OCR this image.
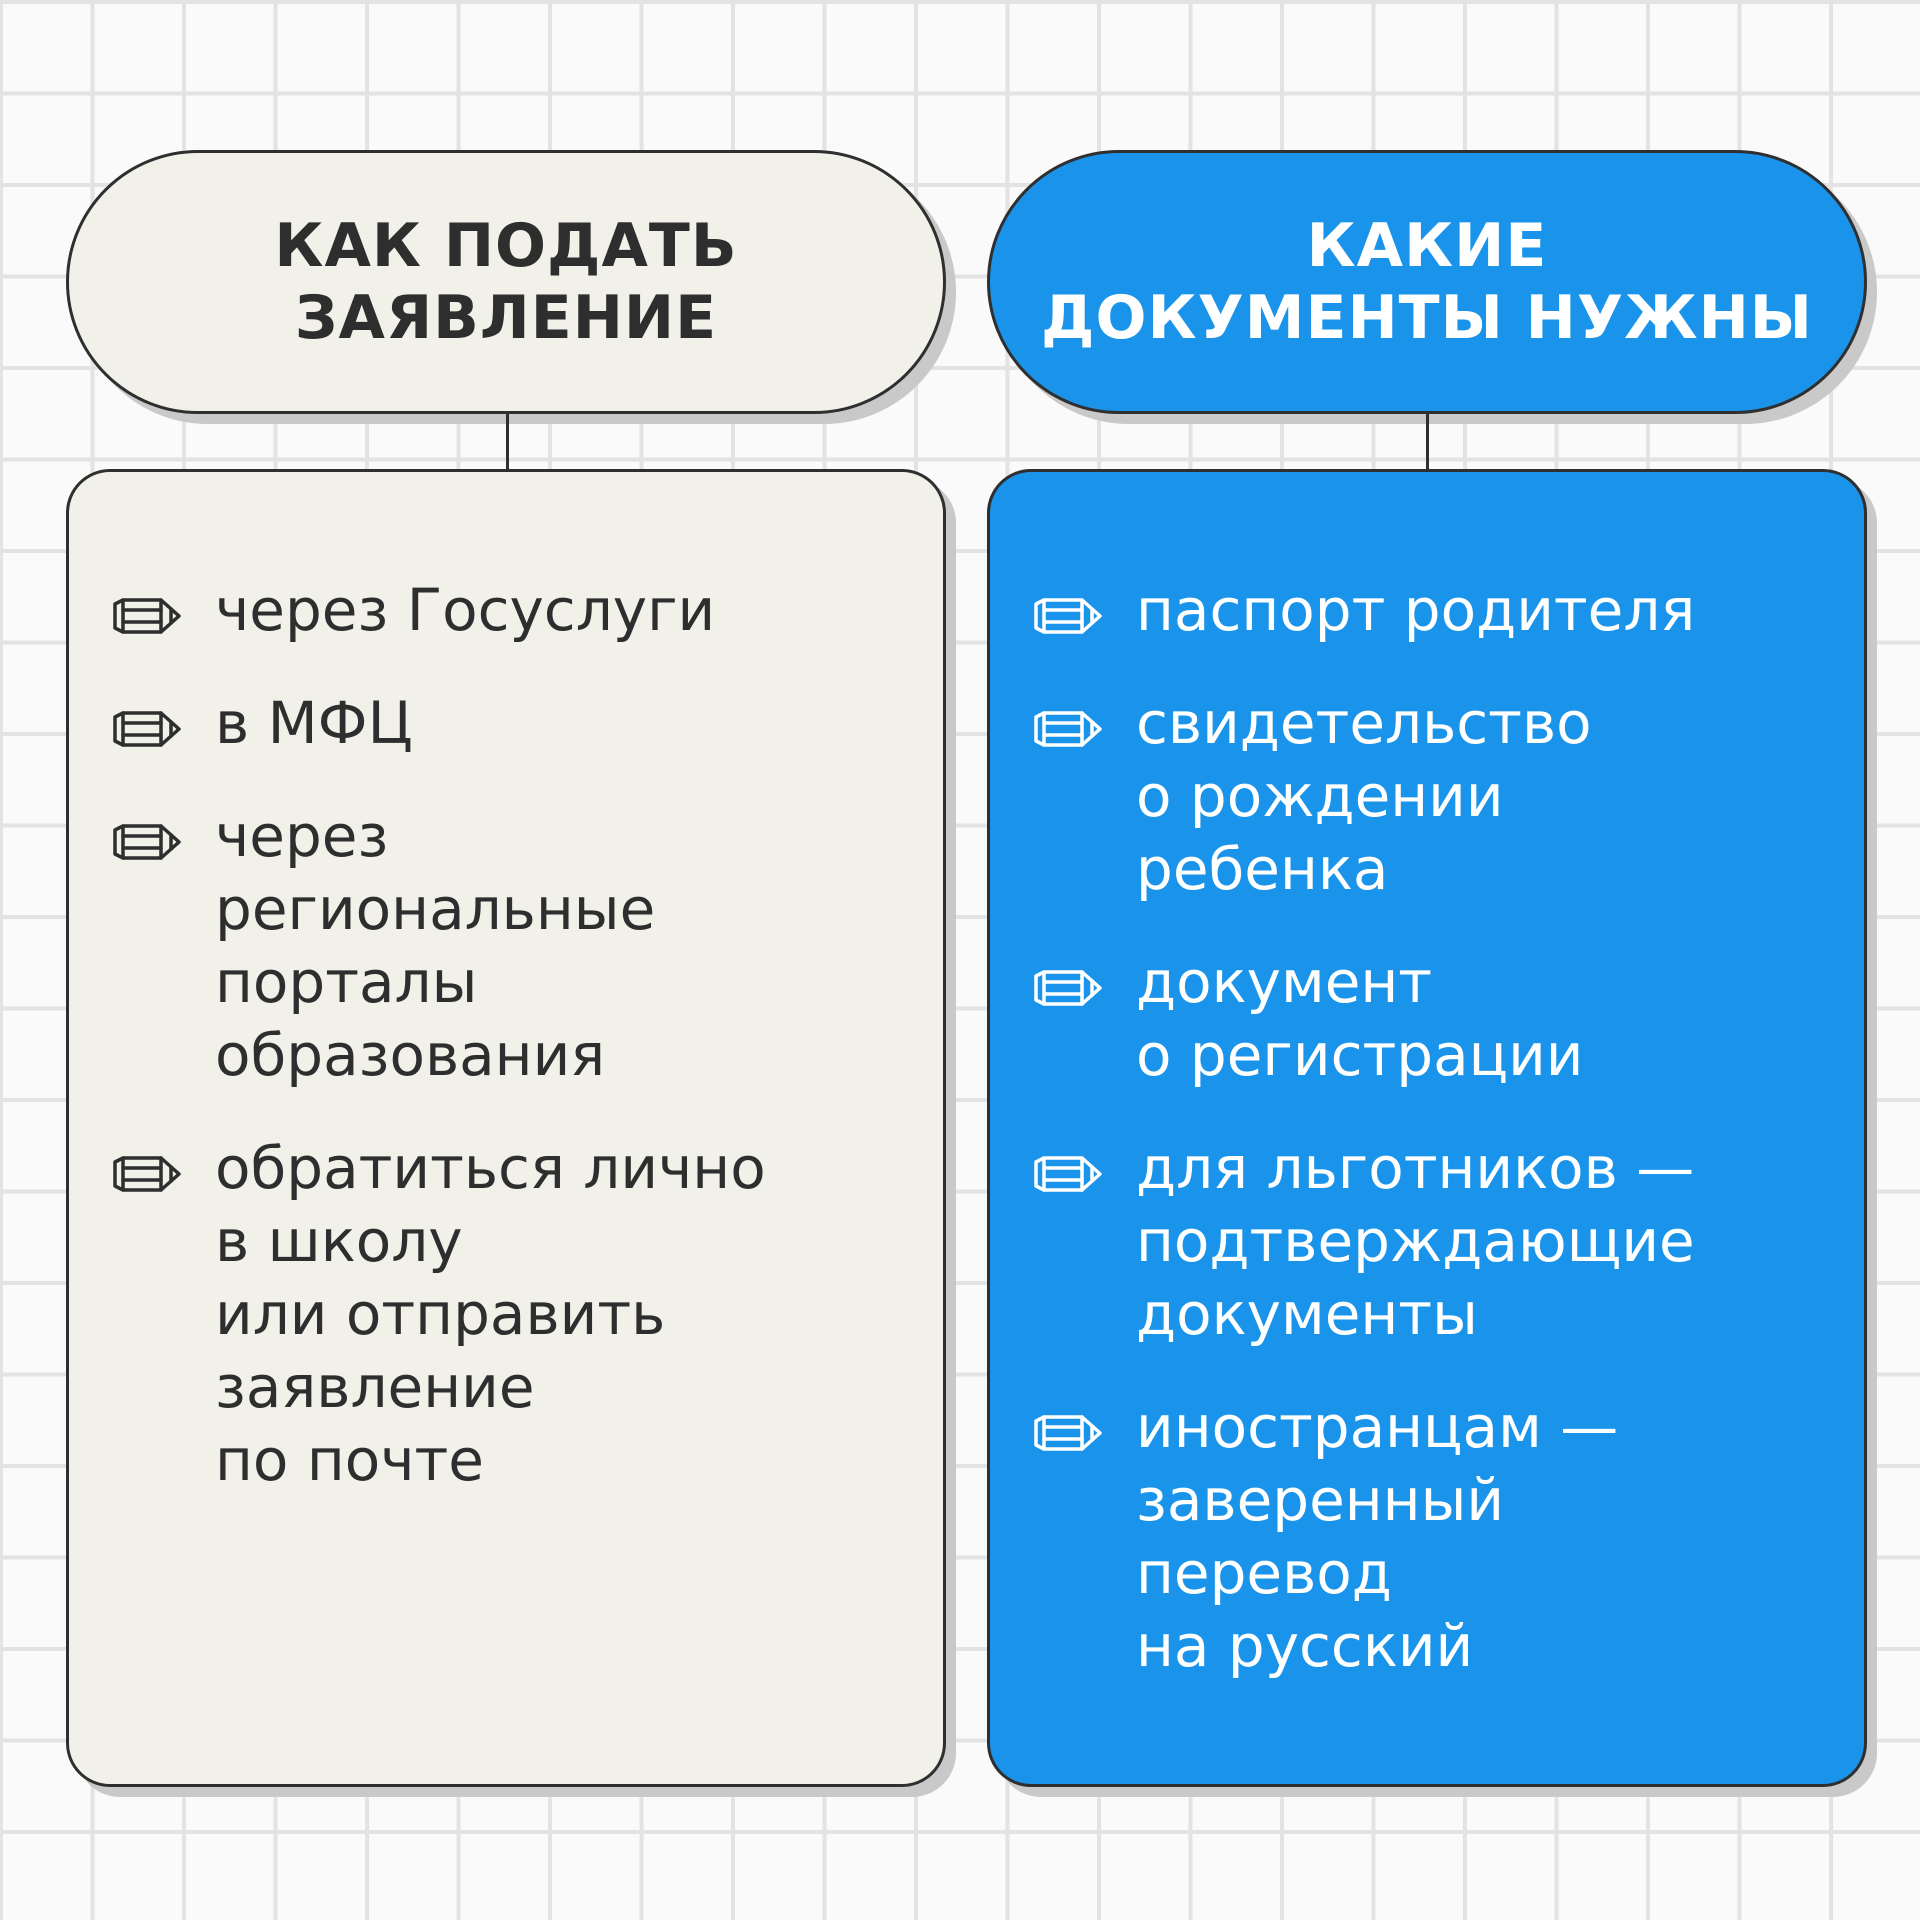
КАК ПОДАТЬ
ЗАЯВЛЕНИЕ
КАКИЕ
ДОКУМЕНТЫ НУЖНЫ
через Госуслуги
в МФЦ
через
региональные
порталы
образования
обратиться лично
в школу
или отправить
заявление
по почте
паспорт родителя
свидетельство
о рождении
ребенка
документ
о регистрации
для льготников —
подтверждающие
документы
иностранцам —
заверенный
перевод
на русский
